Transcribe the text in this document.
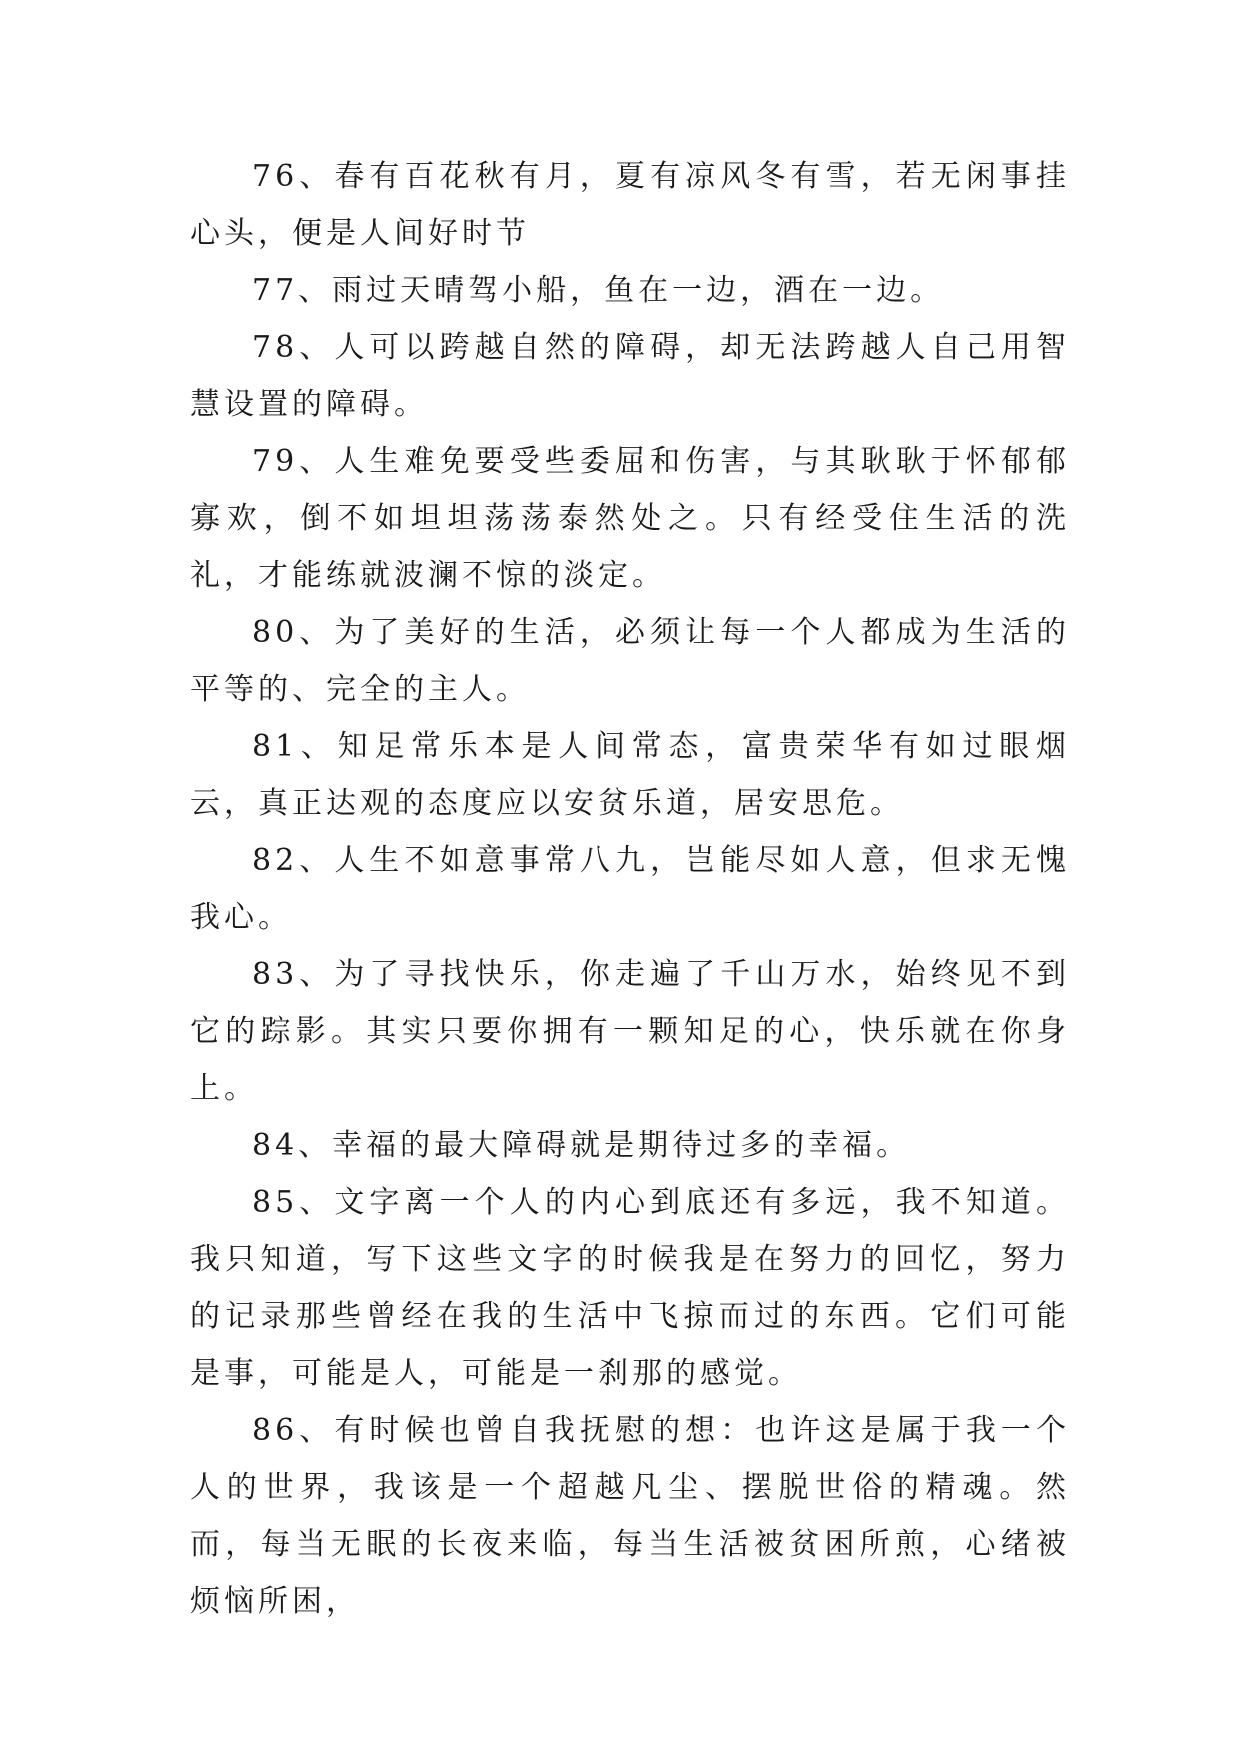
76、春有百花秋有月，夏有凉风冬有雪，若无闲事挂心头，便是人间好时节

77、雨过天晴驾小船，鱼在一边，酒在一边。

78、人可以跨越自然的障碍，却无法跨越人自己用智慧设置的障碍。

79、人生难免要受些委屈和伤害，与其耿耿于怀郁郁寡欢，倒不如坦坦荡荡泰然处之。只有经受住生活的洗礼，才能练就波澜不惊的淡定。

80、为了美好的生活，必须让每一个人都成为生活的平等的、完全的主人。

81、知足常乐本是人间常态，富贵荣华有如过眼烟云，真正达观的态度应以安贫乐道，居安思危。

82、人生不如意事常八九，岂能尽如人意，但求无愧我心。

83、为了寻找快乐，你走遍了千山万水，始终见不到它的踪影。其实只要你拥有一颗知足的心，快乐就在你身上。

84、幸福的最大障碍就是期待过多的幸福。

85、文字离一个人的内心到底还有多远，我不知道。我只知道，写下这些文字的时候我是在努力的回忆，努力的记录那些曾经在我的生活中飞掠而过的东西。它们可能是事，可能是人，可能是一刹那的感觉。

86、有时候也曾自我抚慰的想：也许这是属于我一个人的世界，我该是一个超越凡尘、摆脱世俗的精魂。然而，每当无眠的长夜来临，每当生活被贫困所煎，心绪被烦恼所困，
